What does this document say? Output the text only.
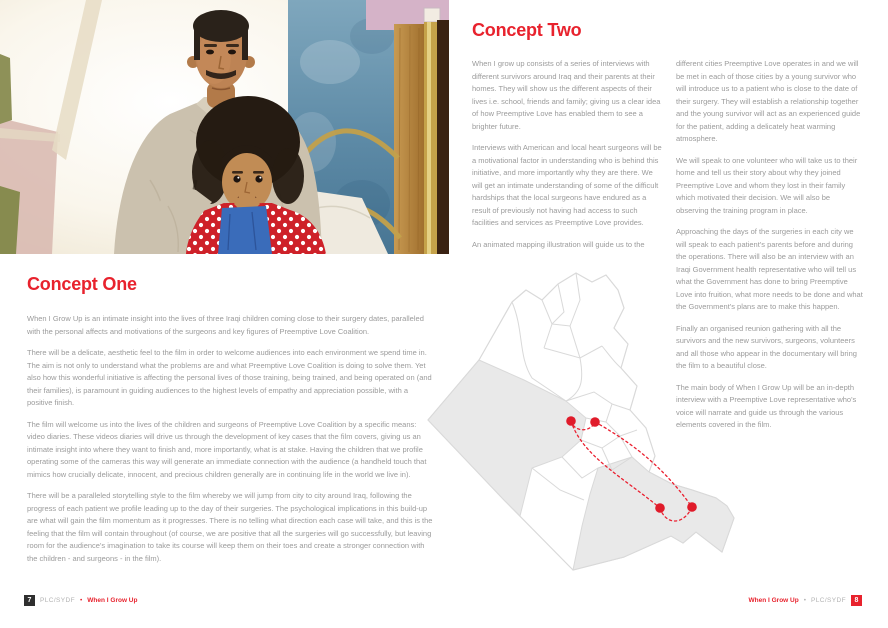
Concept One

When I Grow Up is an intimate insight into the lives of three Iraqi children coming close to their surgery dates, paralleled with the personal affects and motivations of the surgeons and key figures of Preemptive Love Coalition.

There will be a delicate, aesthetic feel to the film in order to welcome audiences into each environment we spend time in. The aim is not only to understand what the problems are and what Preemptive Love Coalition is doing to solve them. Yet also how this wonderful initiative is affecting the personal lives of those training, being trained, and being operated on (and their families), is paramount in guiding audiences to the highest levels of empathy and appreciation possible, with a positive finish.

The film will welcome us into the lives of the children and surgeons of Preemptive Love Coalition by a specific means: video diaries. These videos diaries will drive us through the development of key cases that the film covers, giving us an intimate insight into where they want to finish and, more importantly, what is at stake. Having the children that we profile operating some of the cameras this way will generate an immediate connection with the audience (a handheld touch that mimics how crucially delicate, innocent, and precious children generally are in continuing life in the world we live in).

There will be a paralleled storytelling style to the film whereby we will jump from city to city around Iraq, following the progress of each patient we profile leading up to the day of their surgeries. The psychological implications in this build-up are what will gain the film momentum as it progresses. There is no telling what direction each case will take, and this is the feeling that the film will contain throughout (of course, we are positive that all the surgeries will go successfully, but leaving room for the audience's imagination to take its course will keep them on their toes and create a stronger connection with the children - and surgeons - in the film).

Concept Two

When I grow up consists of a series of interviews with different survivors around Iraq and their parents at their homes. They will show us the different aspects of their lives i.e. school, friends and family; giving us a clear idea of how Preemptive Love has enabled them to see a brighter future.

Interviews with American and local heart surgeons will be a motivational factor in understanding who is behind this initiative, and more importantly why they are there. We will get an intimate understanding of some of the difficult hardships that the local surgeons have endured as a result of previously not having had access to such facilities and services as Preemptive Love provides.

An animated mapping illustration will guide us to the

different cities Preemptive Love operates in and we will be met in each of those cities by a young survivor who will introduce us to a patient who is close to the date of their surgery. They will establish a relationship together and the young survivor will act as an experienced guide for the patient, adding a delicately heat warming atmosphere.

We will speak to one volunteer who will take us to their home and tell us their story about why they joined Preemptive Love and whom they lost in their family which motivated their decision. We will also be observing the training program in place.

Approaching the days of the surgeries in each city we will speak to each patient's parents before and during the operations. There will also be an interview with an Iraqi Government health representative who will tell us what the Government has done to bring Preemptive Love into fruition, what more needs to be done and what the Government's plans are to make this happen.

Finally an organised reunion gathering with all the survivors and the new survivors, surgeons, volunteers and all those who appear in the documentary will bring the film to a beautiful close.

The main body of When I Grow Up will be an in-depth interview with a Preemptive Love representative who's voice will narrate and guide us through the various elements covered in the film.

7	PLC/SYDF • When I Grow Up	When I Grow Up • PLC/SYDF	8
